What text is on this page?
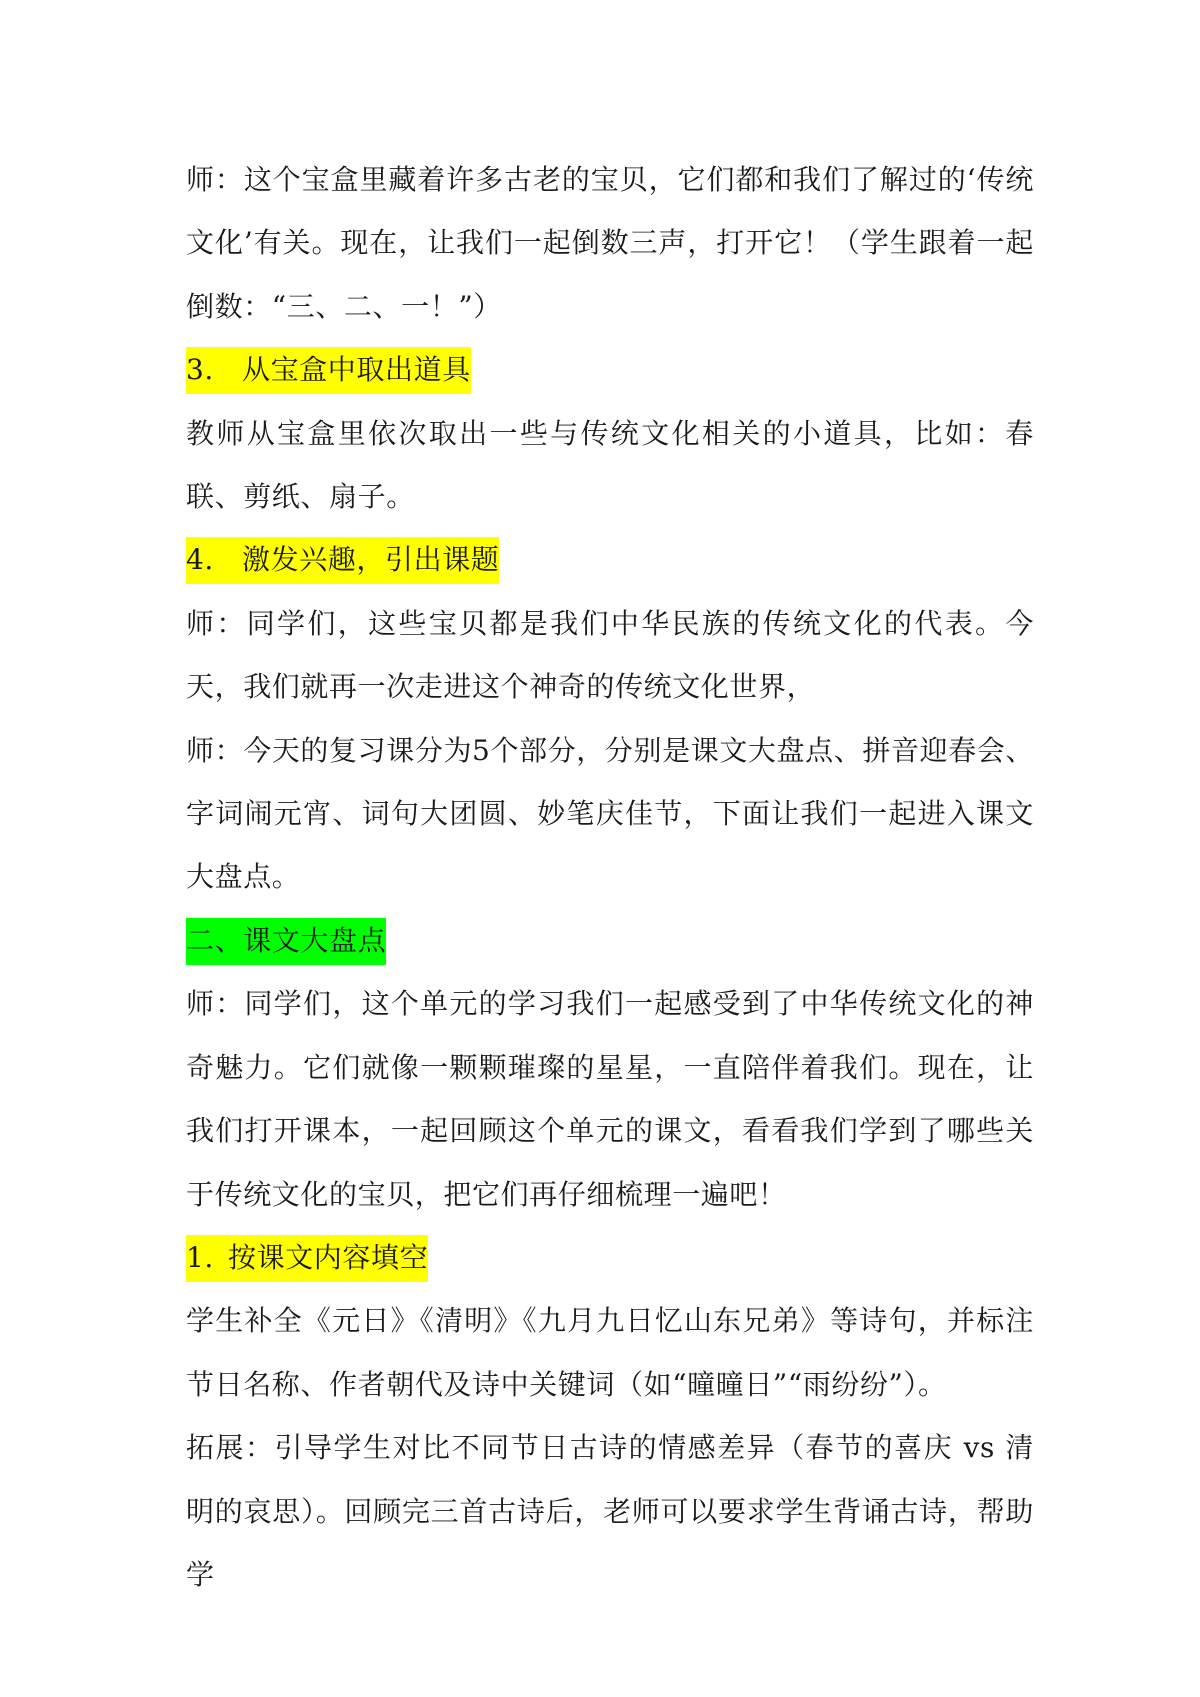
师：这个宝盒里藏着许多古老的宝贝，它们都和我们了解过的‘传统文化’有关。现在，让我们一起倒数三声，打开它！（学生跟着一起倒数：“三、二、一！”）

3. 从宝盒中取出道具

教师从宝盒里依次取出一些与传统文化相关的小道具，比如：春联、剪纸、扇子。

4. 激发兴趣，引出课题

师：同学们，这些宝贝都是我们中华民族的传统文化的代表。今天，我们就再一次走进这个神奇的传统文化世界，

师：今天的复习课分为5个部分，分别是课文大盘点、拼音迎春会、字词闹元宵、词句大团圆、妙笔庆佳节，下面让我们一起进入课文大盘点。

二、课文大盘点

师：同学们，这个单元的学习我们一起感受到了中华传统文化的神奇魅力。它们就像一颗颗璀璨的星星，一直陪伴着我们。现在，让我们打开课本，一起回顾这个单元的课文，看看我们学到了哪些关于传统文化的宝贝，把它们再仔细梳理一遍吧！

1. 按课文内容填空

学生补全《元日》《清明》《九月九日忆山东兄弟》等诗句，并标注节日名称、作者朝代及诗中关键词（如“曈曈日”“雨纷纷”）。

拓展：引导学生对比不同节日古诗的情感差异（春节的喜庆 vs 清明的哀思）。回顾完三首古诗后，老师可以要求学生背诵古诗，帮助学
